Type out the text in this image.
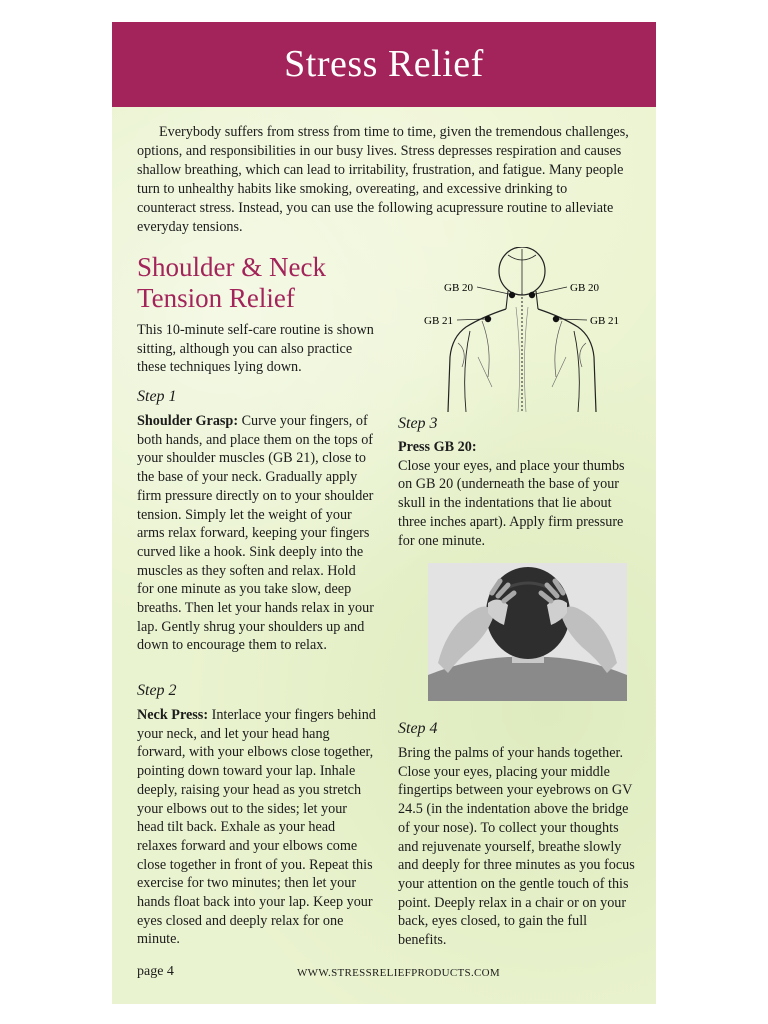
Stress Relief

Everybody suffers from stress from time to time, given the tremendous challenges, options, and responsibilities in our busy lives. Stress depresses respiration and causes shallow breathing, which can lead to irritability, frustration, and fatigue. Many people turn to unhealthy habits like smoking, overeating, and excessive drinking to counteract stress. Instead, you can use the following acupressure routine to alleviate everyday tensions.

Shoulder & Neck
Tension Relief
This 10-minute self-care routine is shown sitting, although you can also practice these techniques lying down.
Step 1
Shoulder Grasp: Curve your fingers, of both hands, and place them on the tops of your shoulder muscles (GB 21), close to the base of your neck. Gradually apply firm pressure directly on to your shoulder tension. Simply let the weight of your arms relax forward, keeping your fingers curved like a hook. Sink deeply into the muscles as they soften and relax. Hold for one minute as you take slow, deep breaths. Then let your hands relax in your lap. Gently shrug your shoulders up and down to encourage them to relax.
Step 2
Neck Press: Interlace your fingers behind your neck, and let your head hang forward, with your elbows close together, pointing down toward your lap. Inhale deeply, raising your head as you stretch your elbows out to the sides; let your head tilt back. Exhale as your head relaxes forward and your elbows come close together in front of you. Repeat this exercise for two minutes; then let your hands float back into your lap. Keep your eyes closed and deeply relax for one minute.
GB 20	GB 20
GB 21	GB 21
Step 3
Press GB 20:
Close your eyes, and place your thumbs on GB 20 (underneath the base of your skull in the indentations that lie about three inches apart). Apply firm pressure for one minute.
Step 4
Bring the palms of your hands together. Close your eyes, placing your middle fingertips between your eyebrows on GV 24.5 (in the indentation above the bridge of your nose). To collect your thoughts and rejuvenate yourself, breathe slowly and deeply for three minutes as you focus your attention on the gentle touch of this point. Deeply relax in a chair or on your back, eyes closed, to gain the full benefits.
page 4	WWW.STRESSRELIEFPRODUCTS.COM
